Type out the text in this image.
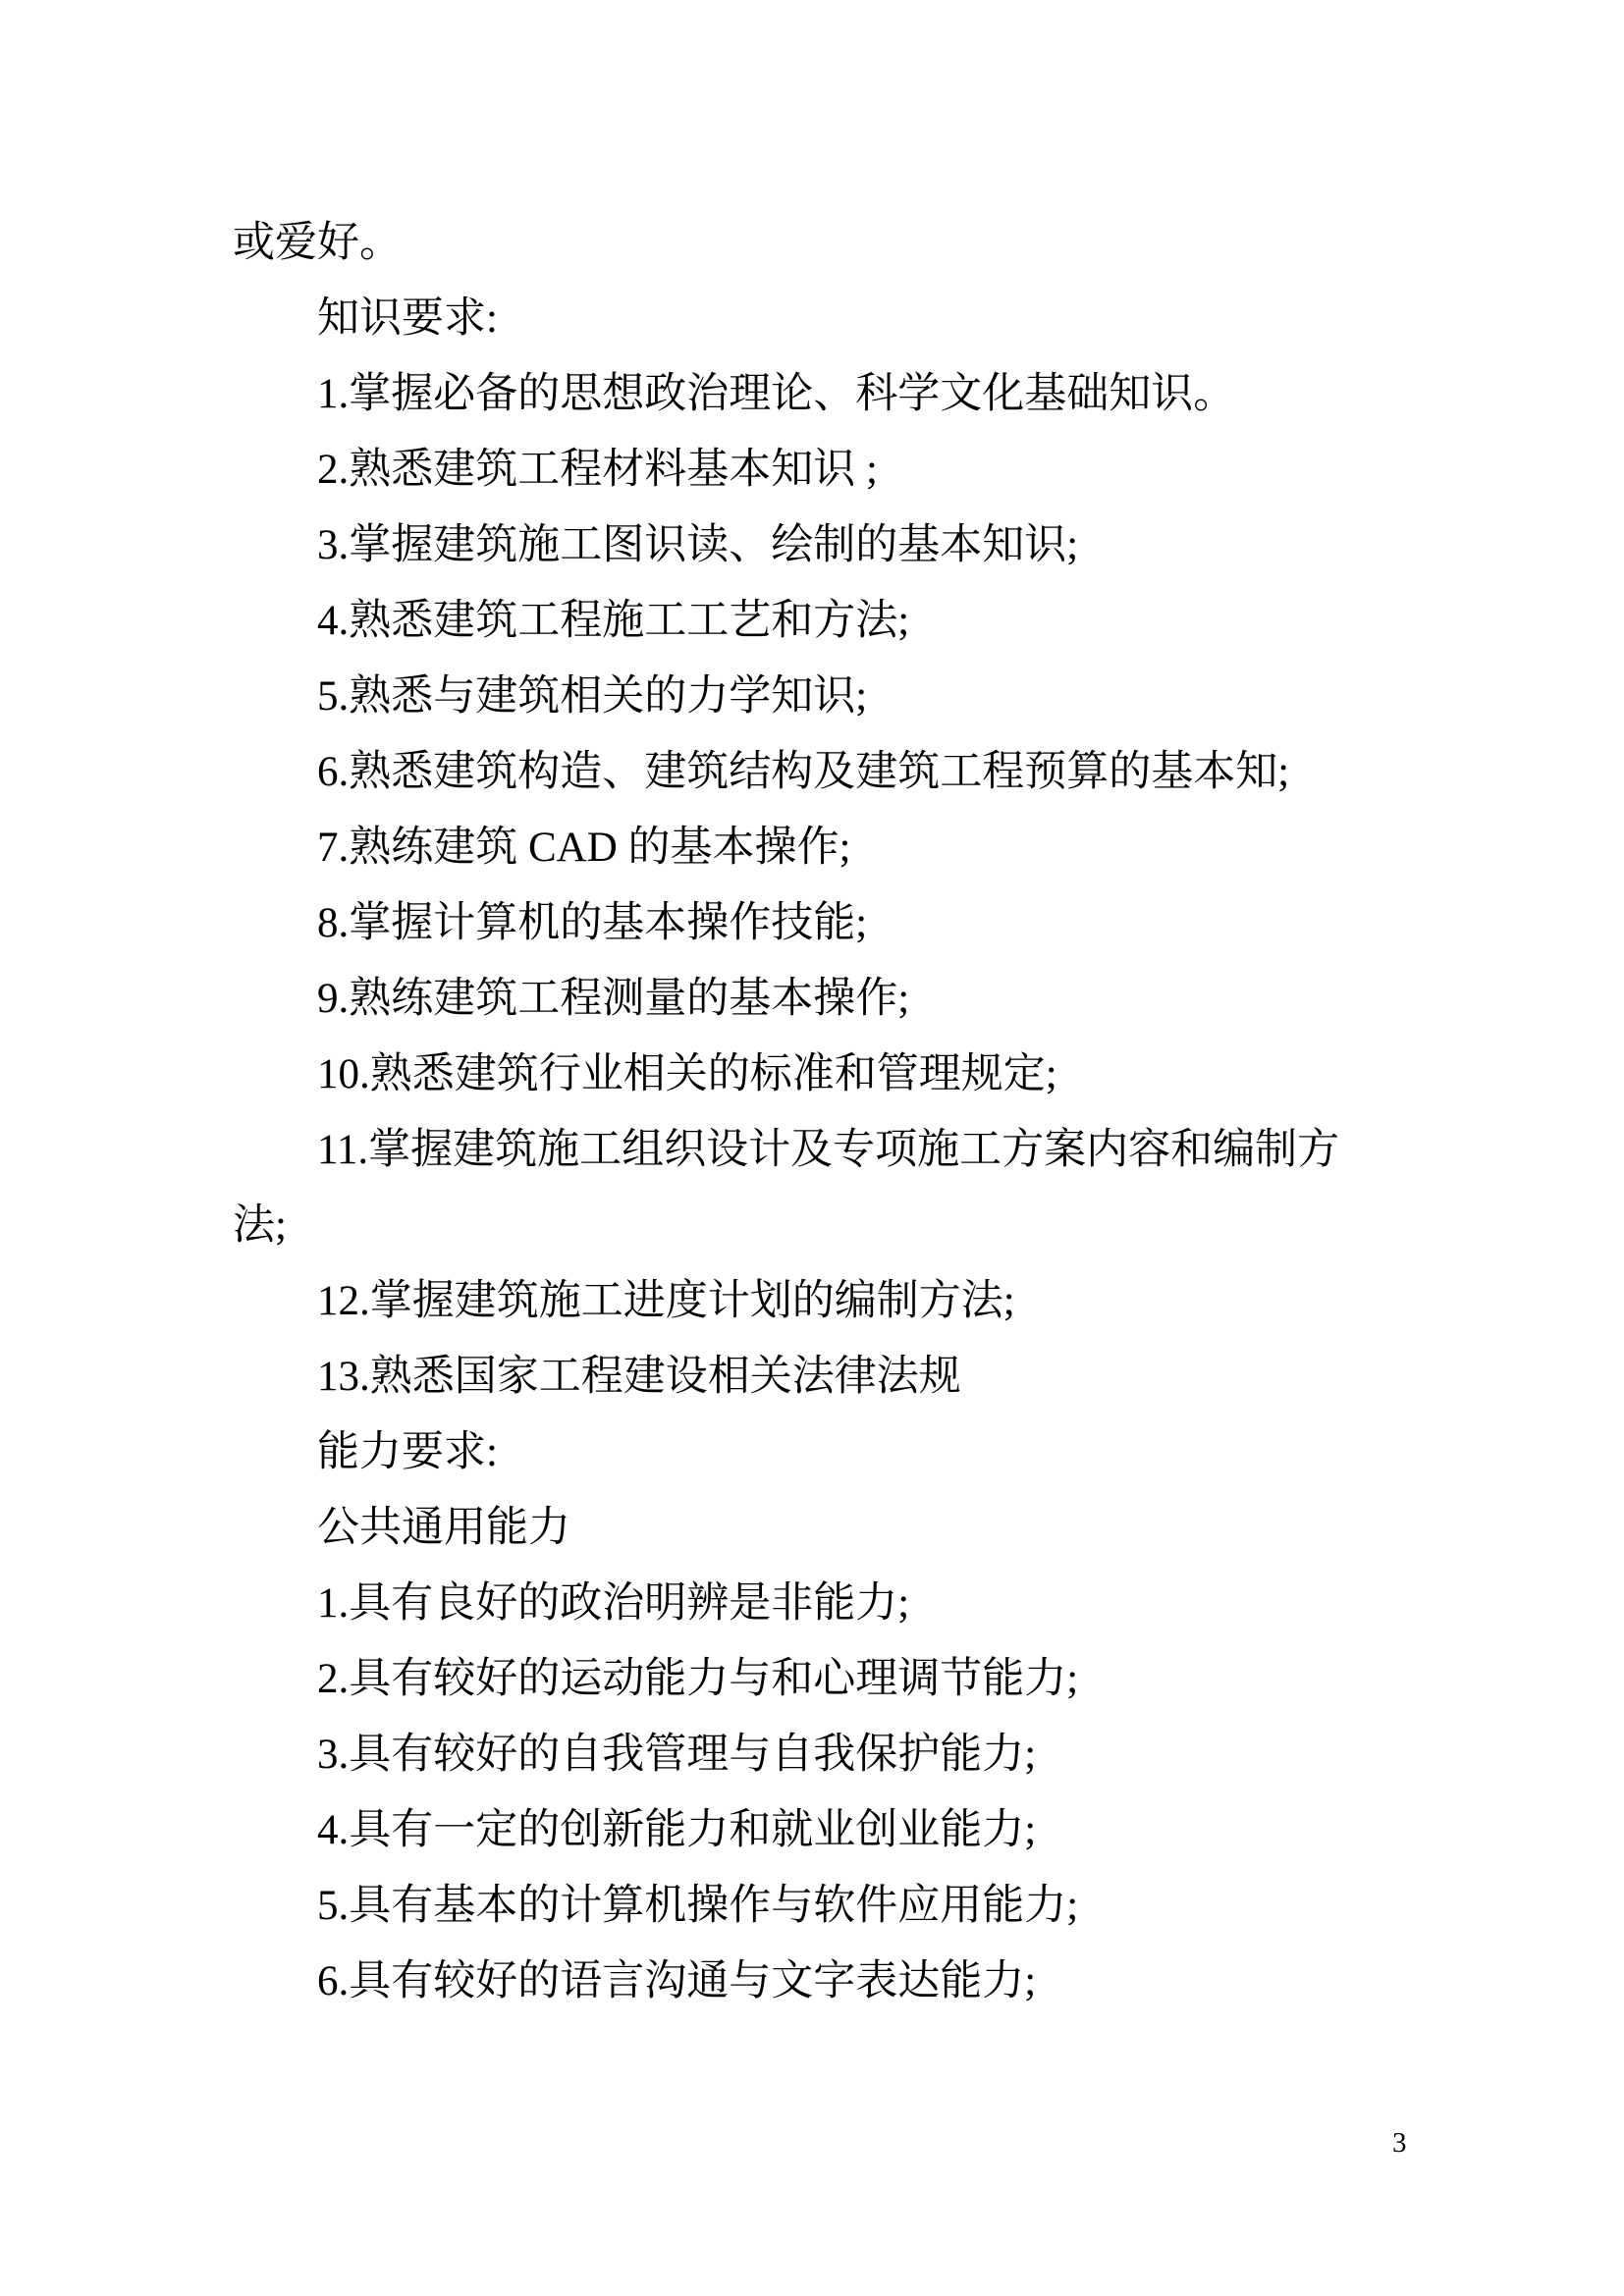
或爱好。

知识要求:

1.掌握必备的思想政治理论、科学文化基础知识。

2.熟悉建筑工程材料基本知识 ;

3.掌握建筑施工图识读、绘制的基本知识;

4.熟悉建筑工程施工工艺和方法;

5.熟悉与建筑相关的力学知识;

6.熟悉建筑构造、建筑结构及建筑工程预算的基本知;

7.熟练建筑 CAD 的基本操作;

8.掌握计算机的基本操作技能;

9.熟练建筑工程测量的基本操作;

10.熟悉建筑行业相关的标准和管理规定;

11.掌握建筑施工组织设计及专项施工方案内容和编制方

法;

12.掌握建筑施工进度计划的编制方法;

13.熟悉国家工程建设相关法律法规

能力要求:

公共通用能力

1.具有良好的政治明辨是非能力;

2.具有较好的运动能力与和心理调节能力;

3.具有较好的自我管理与自我保护能力;

4.具有一定的创新能力和就业创业能力;

5.具有基本的计算机操作与软件应用能力;

6.具有较好的语言沟通与文字表达能力;

3
